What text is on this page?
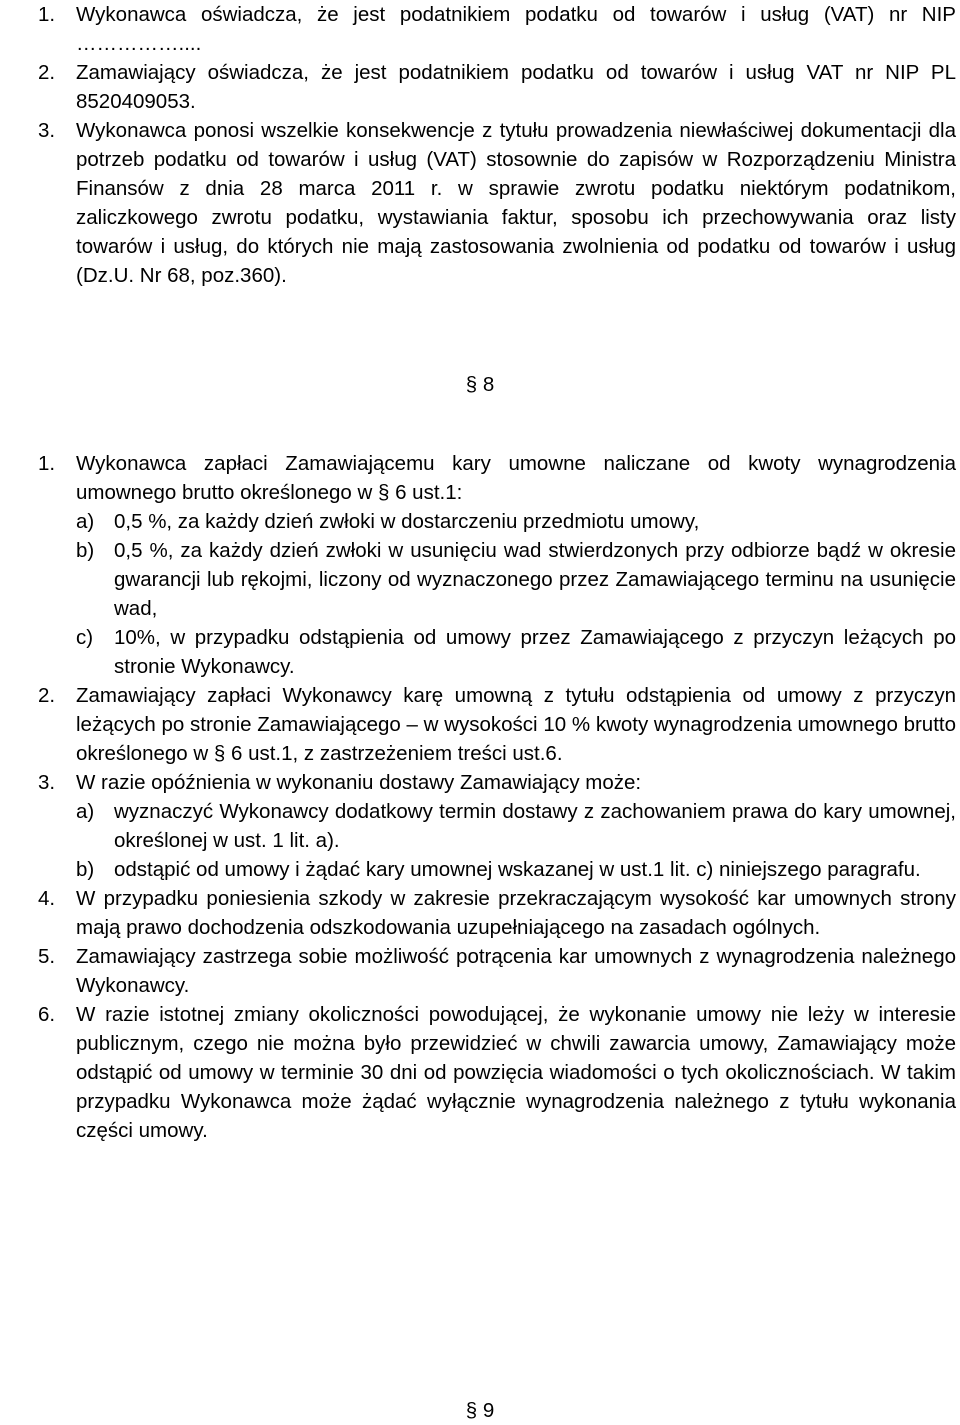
1. Wykonawca oświadcza, że jest podatnikiem podatku od towarów i usług (VAT) nr NIP ……………....
2. Zamawiający oświadcza, że jest podatnikiem podatku od towarów i usług VAT nr NIP PL 8520409053.
3. Wykonawca ponosi wszelkie konsekwencje z tytułu prowadzenia niewłaściwej dokumentacji dla potrzeb podatku od towarów i usług (VAT) stosownie do zapisów w Rozporządzeniu Ministra Finansów z dnia 28 marca 2011 r. w sprawie zwrotu podatku niektórym podatnikom, zaliczkowego zwrotu podatku, wystawiania faktur, sposobu ich przechowywania oraz listy towarów i usług, do których nie mają zastosowania zwolnienia od podatku od towarów i usług (Dz.U. Nr 68, poz.360).
§ 8
1. Wykonawca zapłaci Zamawiającemu kary umowne naliczane od kwoty wynagrodzenia umownego brutto określonego w § 6 ust.1:
a) 0,5 %, za każdy dzień zwłoki w dostarczeniu przedmiotu umowy,
b) 0,5 %, za każdy dzień zwłoki w usunięciu wad stwierdzonych przy odbiorze bądź w okresie gwarancji lub rękojmi, liczony od wyznaczonego przez Zamawiającego terminu na usunięcie wad,
c) 10%, w przypadku odstąpienia od umowy przez Zamawiającego z przyczyn leżących po stronie Wykonawcy.
2. Zamawiający zapłaci Wykonawcy karę umowną z tytułu odstąpienia od umowy z przyczyn leżących po stronie Zamawiającego – w wysokości 10 % kwoty wynagrodzenia umownego brutto określonego w § 6 ust.1, z zastrzeżeniem treści ust.6.
3. W razie opóźnienia w wykonaniu dostawy Zamawiający może:
a) wyznaczyć Wykonawcy dodatkowy termin dostawy z zachowaniem prawa do kary umownej, określonej w ust. 1 lit. a).
b) odstąpić od umowy i żądać kary umownej wskazanej w ust.1 lit. c) niniejszego paragrafu.
4. W przypadku poniesienia szkody w zakresie przekraczającym wysokość kar umownych strony mają prawo dochodzenia odszkodowania uzupełniającego na zasadach ogólnych.
5. Zamawiający zastrzega sobie możliwość potrącenia kar umownych z wynagrodzenia należnego Wykonawcy.
6. W razie istotnej zmiany okoliczności powodującej, że wykonanie umowy nie leży w interesie publicznym, czego nie można było przewidzieć w chwili zawarcia umowy, Zamawiający może odstąpić od umowy w terminie 30 dni od powzięcia wiadomości o tych okolicznościach. W takim przypadku Wykonawca może żądać wyłącznie wynagrodzenia należnego z tytułu wykonania części umowy.
§ 9
